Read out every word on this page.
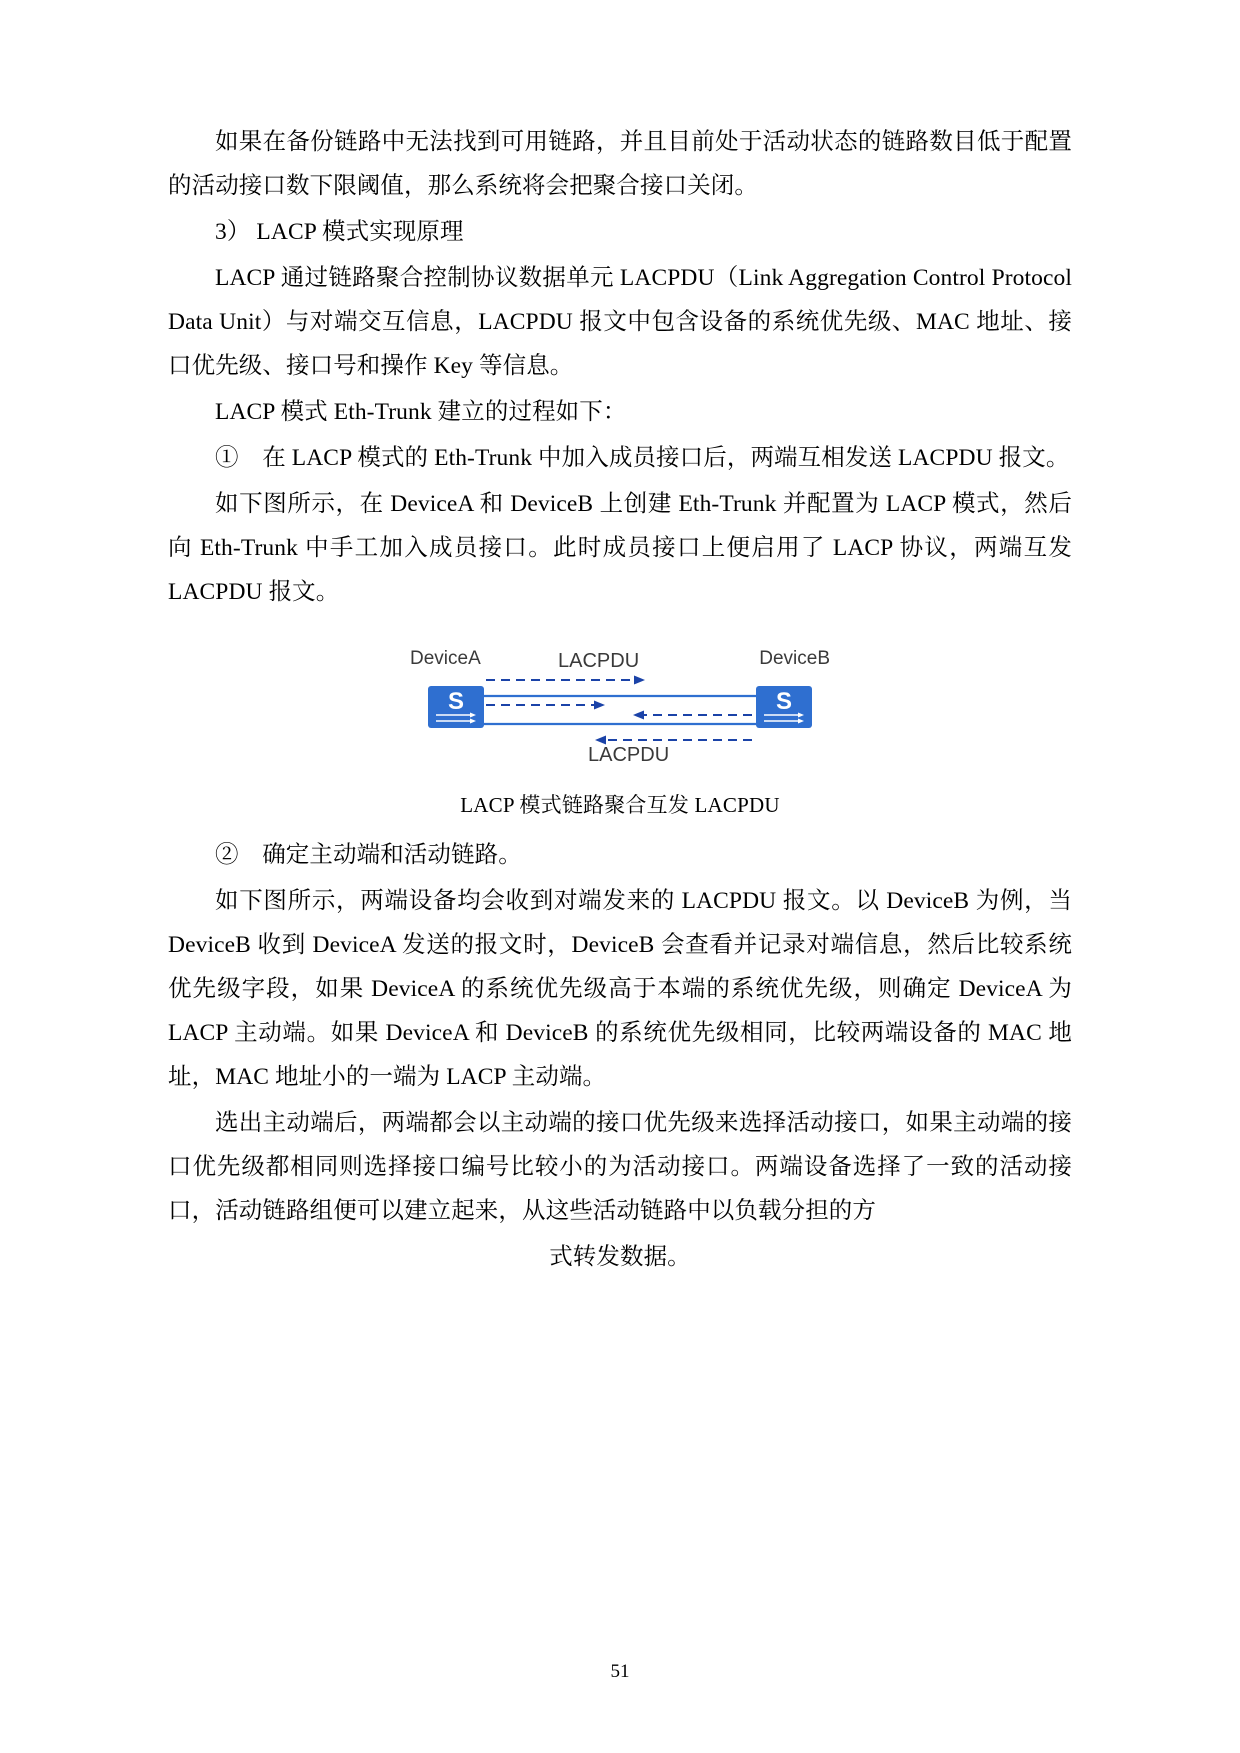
如果在备份链路中无法找到可用链路，并且目前处于活动状态的链路数目低于配置的活动接口数下限阈值，那么系统将会把聚合接口关闭。

3） LACP 模式实现原理

LACP 通过链路聚合控制协议数据单元 LACPDU（Link Aggregation Control Protocol Data Unit）与对端交互信息，LACPDU 报文中包含设备的系统优先级、MAC 地址、接口优先级、接口号和操作 Key 等信息。

LACP 模式 Eth-Trunk 建立的过程如下：

①　在 LACP 模式的 Eth-Trunk 中加入成员接口后，两端互相发送 LACPDU 报文。

如下图所示，在 DeviceA 和 DeviceB 上创建 Eth-Trunk 并配置为 LACP 模式，然后向 Eth-Trunk 中手工加入成员接口。此时成员接口上便启用了 LACP 协议，两端互发 LACPDU 报文。

DeviceA	DeviceB
LACPDU
LACPDU
S	S
LACP 模式链路聚合互发 LACPDU

②　确定主动端和活动链路。

如下图所示，两端设备均会收到对端发来的 LACPDU 报文。以 DeviceB 为例，当 DeviceB 收到 DeviceA 发送的报文时，DeviceB 会查看并记录对端信息，然后比较系统优先级字段，如果 DeviceA 的系统优先级高于本端的系统优先级，则确定 DeviceA 为 LACP 主动端。如果 DeviceA 和 DeviceB 的系统优先级相同，比较两端设备的 MAC 地址，MAC 地址小的一端为 LACP 主动端。

选出主动端后，两端都会以主动端的接口优先级来选择活动接口，如果主动端的接口优先级都相同则选择接口编号比较小的为活动接口。两端设备选择了一致的活动接口，活动链路组便可以建立起来，从这些活动链路中以负载分担的方

式转发数据。

51
